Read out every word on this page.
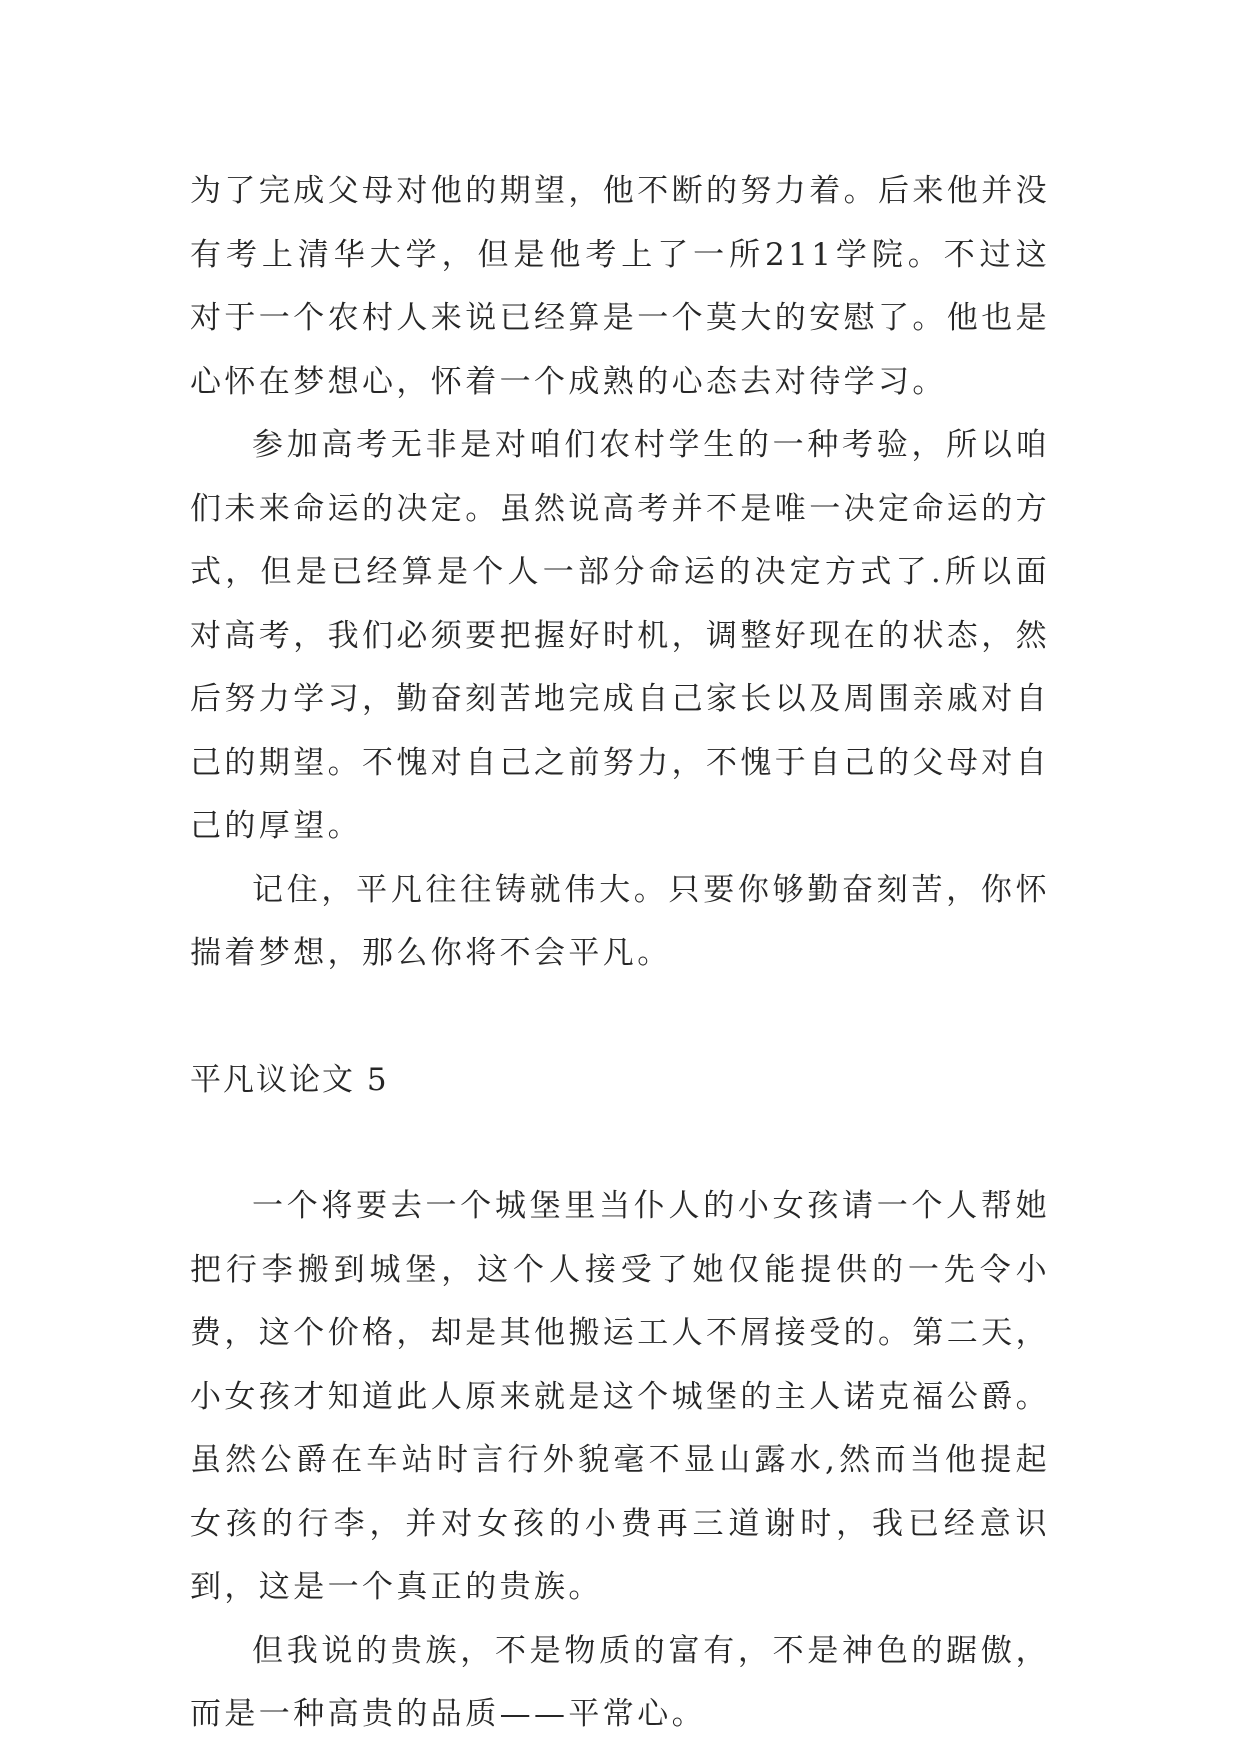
为了完成父母对他的期望，他不断的努力着。后来他并没有考上清华大学，但是他考上了一所211学院。不过这对于一个农村人来说已经算是一个莫大的安慰了。他也是心怀在梦想心，怀着一个成熟的心态去对待学习。

参加高考无非是对咱们农村学生的一种考验，所以咱们未来命运的决定。虽然说高考并不是唯一决定命运的方式，但是已经算是个人一部分命运的决定方式了.所以面对高考，我们必须要把握好时机，调整好现在的状态，然后努力学习，勤奋刻苦地完成自己家长以及周围亲戚对自己的期望。不愧对自己之前努力，不愧于自己的父母对自己的厚望。

记住，平凡往往铸就伟大。只要你够勤奋刻苦，你怀揣着梦想，那么你将不会平凡。

平凡议论文 5

一个将要去一个城堡里当仆人的小女孩请一个人帮她把行李搬到城堡，这个人接受了她仅能提供的一先令小费，这个价格，却是其他搬运工人不屑接受的。第二天，小女孩才知道此人原来就是这个城堡的主人诺克福公爵。虽然公爵在车站时言行外貌毫不显山露水,然而当他提起女孩的行李，并对女孩的小费再三道谢时，我已经意识到，这是一个真正的贵族。

但我说的贵族，不是物质的富有，不是神色的踞傲，而是一种高贵的品质——平常心。
